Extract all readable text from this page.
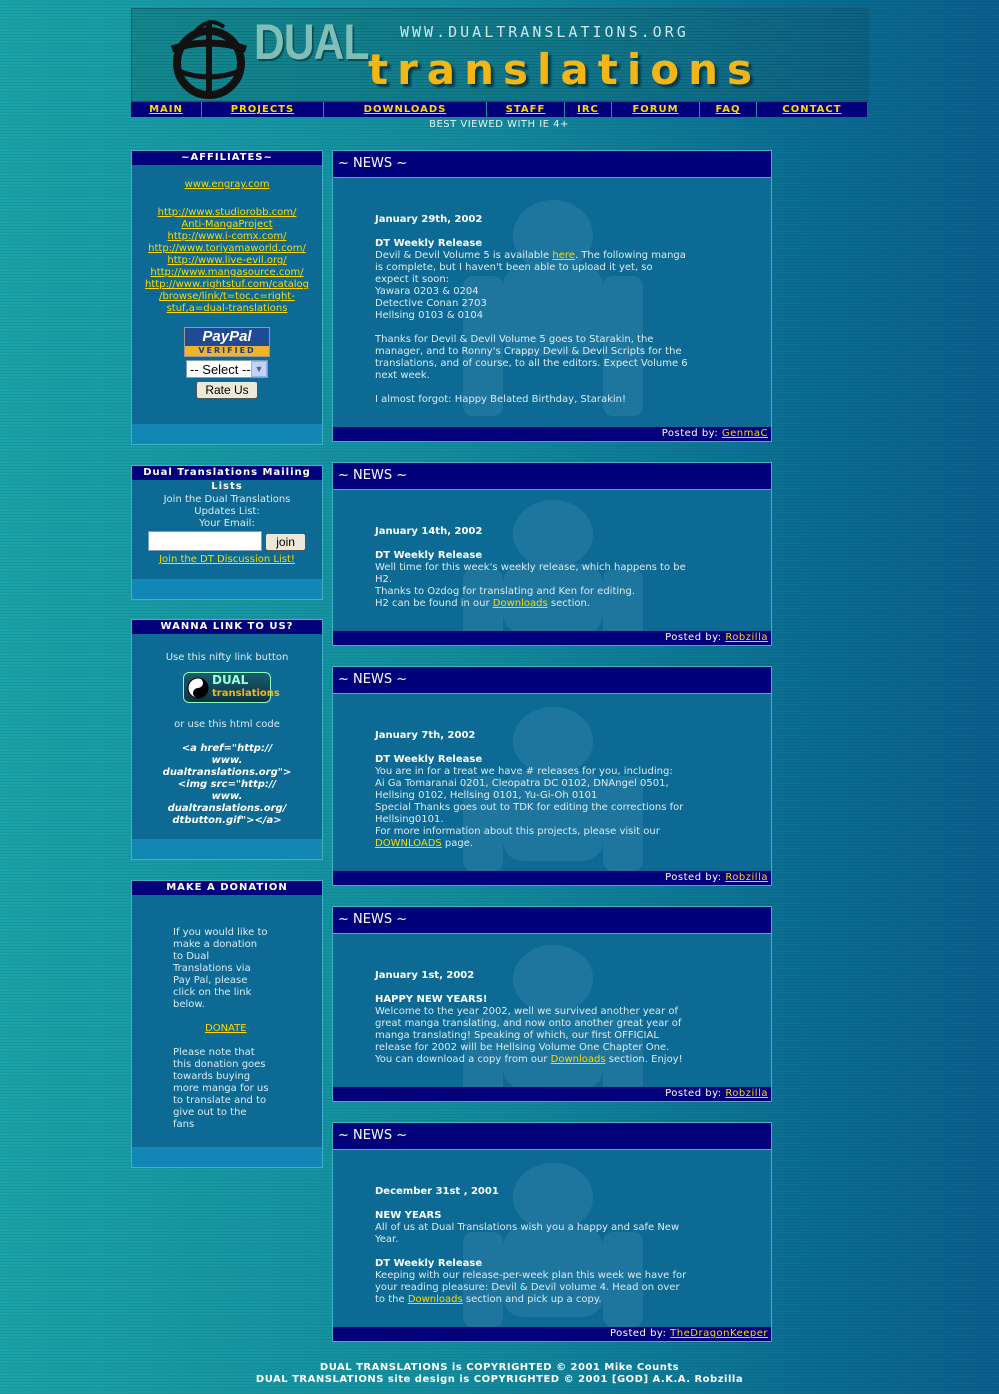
DUAL WWW.DUALTRANSLATIONS.ORG
translations
MAIN	PROJECTS	DOWNLOADS	STAFF	IRC	FORUM	FAQ	CONTACT
BEST VIEWED WITH IE 4+
~AFFILIATES~
www.engray.com
http://www.studiorobb.com/
Anti-MangaProject
http://www.i-comx.com/
http://www.toriyamaworld.com/
http://www.live-evil.org/
http://www.mangasource.com/
http://www.rightstuf.com/catalog
/browse/link/t=toc,c=right-
stuf,a=dual-translations
PayPal
VERIFIED
-- Select -- ▼
Rate Us
Dual Translations Mailing Lists
Join the Dual Translations
Updates List:
Your Email:
join
Join the DT Discussion List!
WANNA LINK TO US?
Use this nifty link button
DUAL
translations
or use this html code
<a href="http://
www.
dualtranslations.org">
<img src="http://
www.
dualtranslations.org/
dtbutton.gif"></a>
MAKE A DONATION
If you would like to
make a donation
to Dual
Translations via
Pay Pal, please
click on the link
below.
DONATE
Please note that
this donation goes
towards buying
more manga for us
to translate and to
give out to the
fans
~ NEWS ~
January 29th, 2002
DT Weekly Release
Devil & Devil Volume 5 is available here. The following manga
is complete, but I haven't been able to upload it yet, so
expect it soon:
Yawara 0203 & 0204
Detective Conan 2703
Hellsing 0103 & 0104
Thanks for Devil & Devil Volume 5 goes to Starakin, the
manager, and to Ronny's Crappy Devil & Devil Scripts for the
translations, and of course, to all the editors. Expect Volume 6
next week.
I almost forgot: Happy Belated Birthday, Starakin!
Posted by: GenmaC
~ NEWS ~
January 14th, 2002
DT Weekly Release
Well time for this week's weekly release, which happens to be
H2.
Thanks to Ozdog for translating and Ken for editing.
H2 can be found in our Downloads section.
Posted by: Robzilla
~ NEWS ~
January 7th, 2002
DT Weekly Release
You are in for a treat we have # releases for you, including:
Ai Ga Tomaranai 0201, Cleopatra DC 0102, DNAngel 0501,
Hellsing 0102, Hellsing 0101, Yu-Gi-Oh 0101
Special Thanks goes out to TDK for editing the corrections for
Hellsing0101.
For more information about this projects, please visit our
DOWNLOADS page.
Posted by: Robzilla
~ NEWS ~
January 1st, 2002
HAPPY NEW YEARS!
Welcome to the year 2002, well we survived another year of
great manga translating, and now onto another great year of
manga translating! Speaking of which, our first OFFICIAL
release for 2002 will be Hellsing Volume One Chapter One.
You can download a copy from our Downloads section. Enjoy!
Posted by: Robzilla
~ NEWS ~
December 31st , 2001
NEW YEARS
All of us at Dual Translations wish you a happy and safe New
Year.
DT Weekly Release
Keeping with our release-per-week plan this week we have for
your reading pleasure: Devil & Devil volume 4. Head on over
to the Downloads section and pick up a copy.
Posted by: TheDragonKeeper
DUAL TRANSLATIONS is COPYRIGHTED © 2001 Mike Counts
DUAL TRANSLATIONS site design is COPYRIGHTED © 2001 [GOD] A.K.A. Robzilla
